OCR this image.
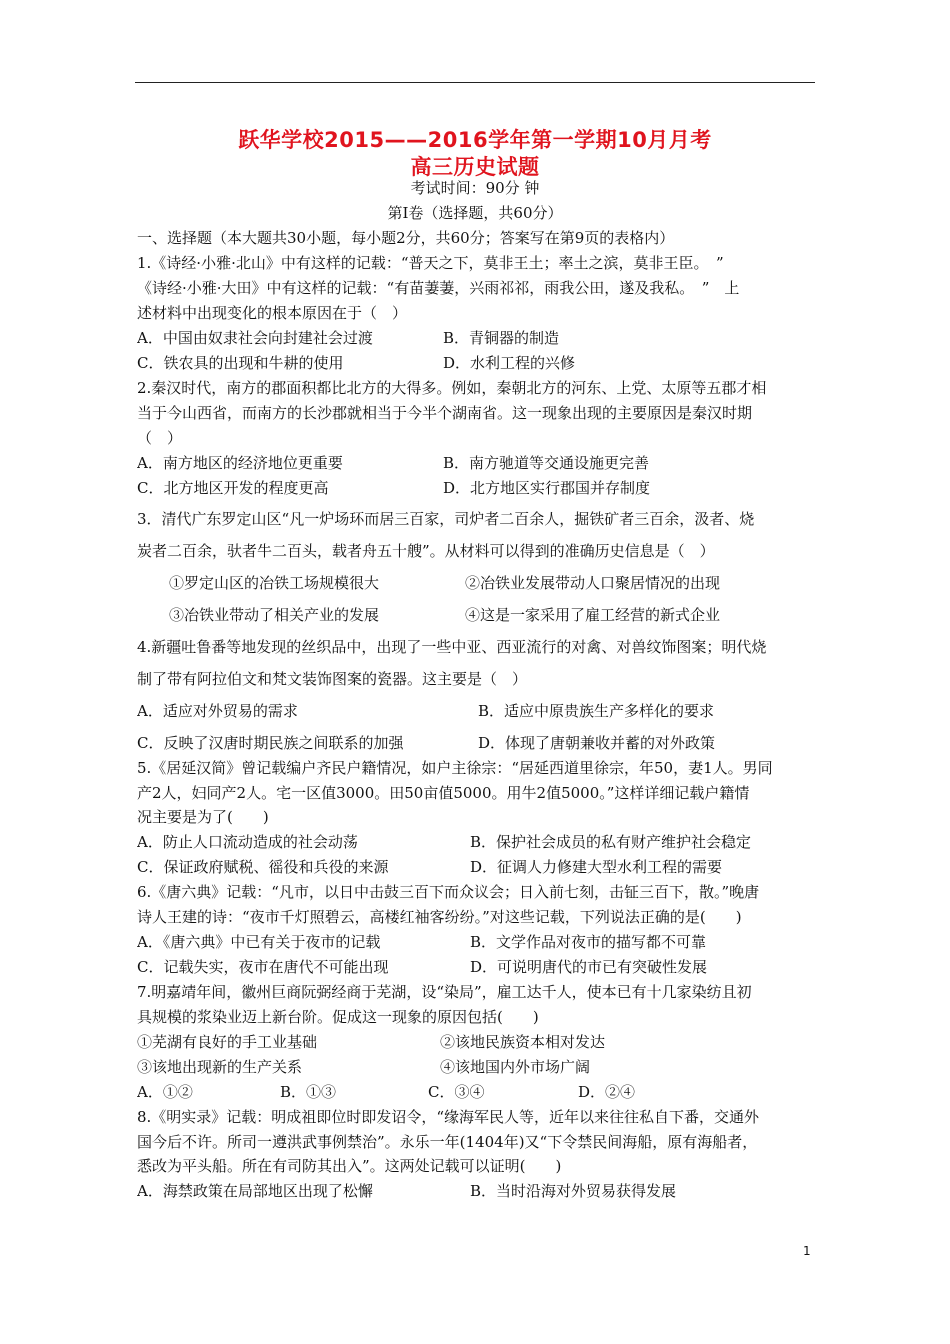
跃华学校2015——2016学年第一学期10月月考
高三历史试题
考试时间：90分 钟
第Ⅰ卷（选择题，共60分）
一、选择题（本大题共30小题，每小题2分，共60分；答案写在第9页的表格内）
1.《诗经·小雅·北山》中有这样的记载：“普天之下，莫非王土；率土之滨，莫非王臣。　”
《诗经·小雅·大田》中有这样的记载：“有苗萋萋，兴雨祁祁，雨我公田，遂及我私。　”　上
述材料中出现变化的根本原因在于（　）
A．中国由奴隶社会向封建社会过渡	B．青铜器的制造
C．铁农具的出现和牛耕的使用	D．水利工程的兴修
2.秦汉时代，南方的郡面积都比北方的大得多。例如，秦朝北方的河东、上党、太原等五郡才相
当于今山西省，而南方的长沙郡就相当于今半个湖南省。这一现象出现的主要原因是秦汉时期
（　）
A．南方地区的经济地位更重要	B．南方驰道等交通设施更完善
C．北方地区开发的程度更高	D．北方地区实行郡国并存制度
3．清代广东罗定山区“凡一炉场环而居三百家，司炉者二百余人，掘铁矿者三百余，汲者、烧
炭者二百余，驮者牛二百头，载者舟五十艘”。从材料可以得到的准确历史信息是（　）
①罗定山区的冶铁工场规模很大	②冶铁业发展带动人口聚居情况的出现
③冶铁业带动了相关产业的发展	④这是一家采用了雇工经营的新式企业
4.新疆吐鲁番等地发现的丝织品中，出现了一些中亚、西亚流行的对禽、对兽纹饰图案；明代烧
制了带有阿拉伯文和梵文装饰图案的瓷器。这主要是（　）
A．适应对外贸易的需求	B．适应中原贵族生产多样化的要求
C．反映了汉唐时期民族之间联系的加强	D．体现了唐朝兼收并蓄的对外政策
5.《居延汉简》曾记载编户齐民户籍情况，如户主徐宗：“居延西道里徐宗，年50，妻1人。男同
产2人，妇同产2人。宅一区值3000。田50亩值5000。用牛2值5000。”这样详细记载户籍情
况主要是为了(　　)
A．防止人口流动造成的社会动荡	B．保护社会成员的私有财产维护社会稳定
C．保证政府赋税、徭役和兵役的来源	D．征调人力修建大型水利工程的需要
6.《唐六典》记载：“凡市，以日中击鼓三百下而众议会；日入前七刻，击钲三百下，散。”晚唐
诗人王建的诗：“夜市千灯照碧云，高楼红袖客纷纷。”对这些记载，下列说法正确的是(　　)
A．《唐六典》中已有关于夜市的记载	B．文学作品对夜市的描写都不可靠
C．记载失实，夜市在唐代不可能出现	D．可说明唐代的市已有突破性发展
7.明嘉靖年间，徽州巨商阮弼经商于芜湖，设“染局”，雇工达千人，使本已有十几家染纺且初
具规模的浆染业迈上新台阶。促成这一现象的原因包括(　　)
①芜湖有良好的手工业基础	②该地民族资本相对发达
③该地出现新的生产关系	④该地国内外市场广阔
A．①②	B．①③	C．③④	D．②④
8.《明实录》记载：明成祖即位时即发诏令，“缘海军民人等，近年以来往往私自下番，交通外
国今后不许。所司一遵洪武事例禁治”。永乐一年(1404年)又“下令禁民间海船，原有海船者，
悉改为平头船。所在有司防其出入”。这两处记载可以证明(　　)
A．海禁政策在局部地区出现了松懈	B．当时沿海对外贸易获得发展
1
